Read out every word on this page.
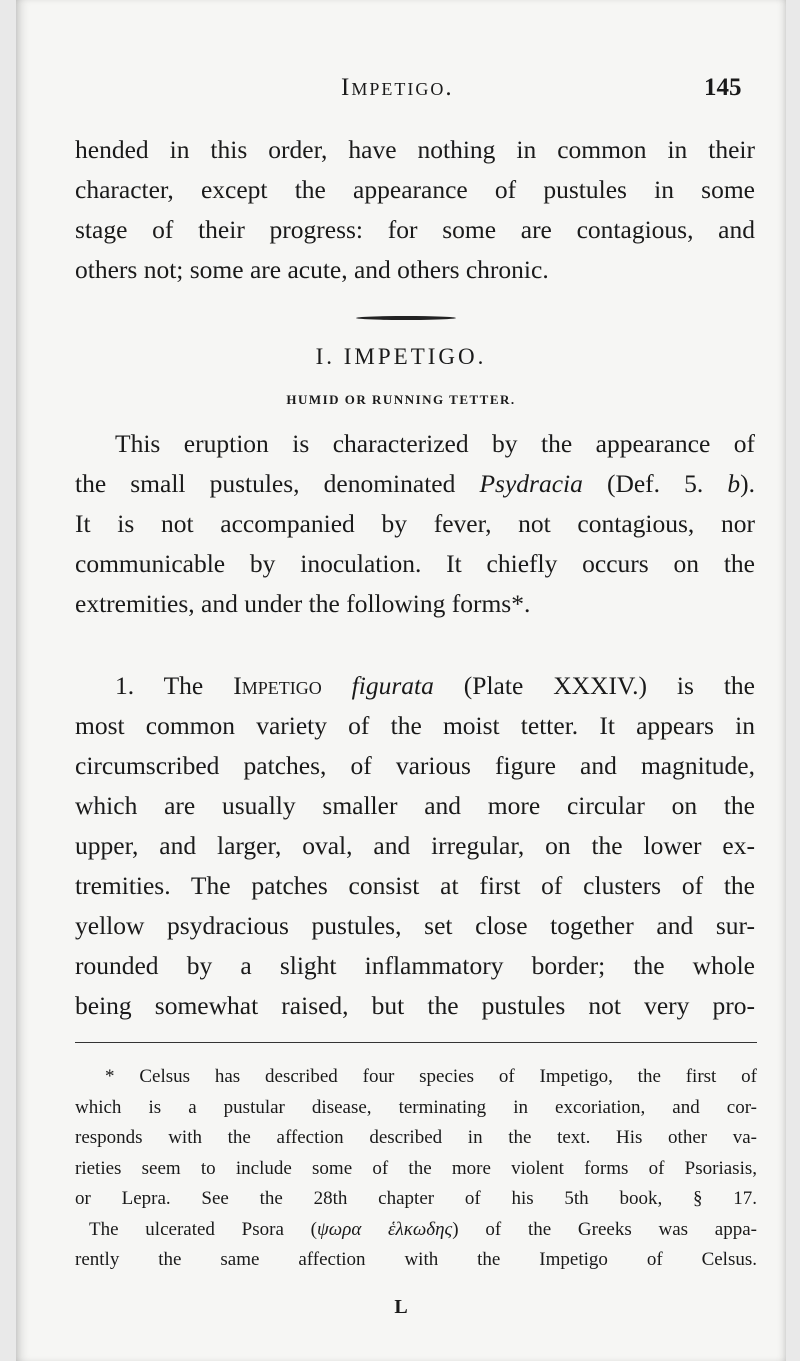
Impetigo.	145
hended in this order, have nothing in common in their
character, except the appearance of pustules in some
stage of their progress: for some are contagious, and
others not; some are acute, and others chronic.
I. IMPETIGO.
HUMID OR RUNNING TETTER.
This eruption is characterized by the appearance of
the small pustules, denominated Psydracia (Def. 5. b).
It is not accompanied by fever, not contagious, nor
communicable by inoculation. It chiefly occurs on the
extremities, and under the following forms*.
1. The Impetigo figurata (Plate XXXIV.) is the
most common variety of the moist tetter. It appears in
circumscribed patches, of various figure and magnitude,
which are usually smaller and more circular on the
upper, and larger, oval, and irregular, on the lower ex-
tremities. The patches consist at first of clusters of the
yellow psydracious pustules, set close together and sur-
rounded by a slight inflammatory border; the whole
being somewhat raised, but the pustules not very pro-
* Celsus has described four species of Impetigo, the first of
which is a pustular disease, terminating in excoriation, and cor-
responds with the affection described in the text. His other va-
rieties seem to include some of the more violent forms of Psoriasis,
or Lepra. See the 28th chapter of his 5th book, § 17.
The ulcerated Psora (ψωρα ἑλκωδης) of the Greeks was appa-
rently the same affection with the Impetigo of Celsus.
L
